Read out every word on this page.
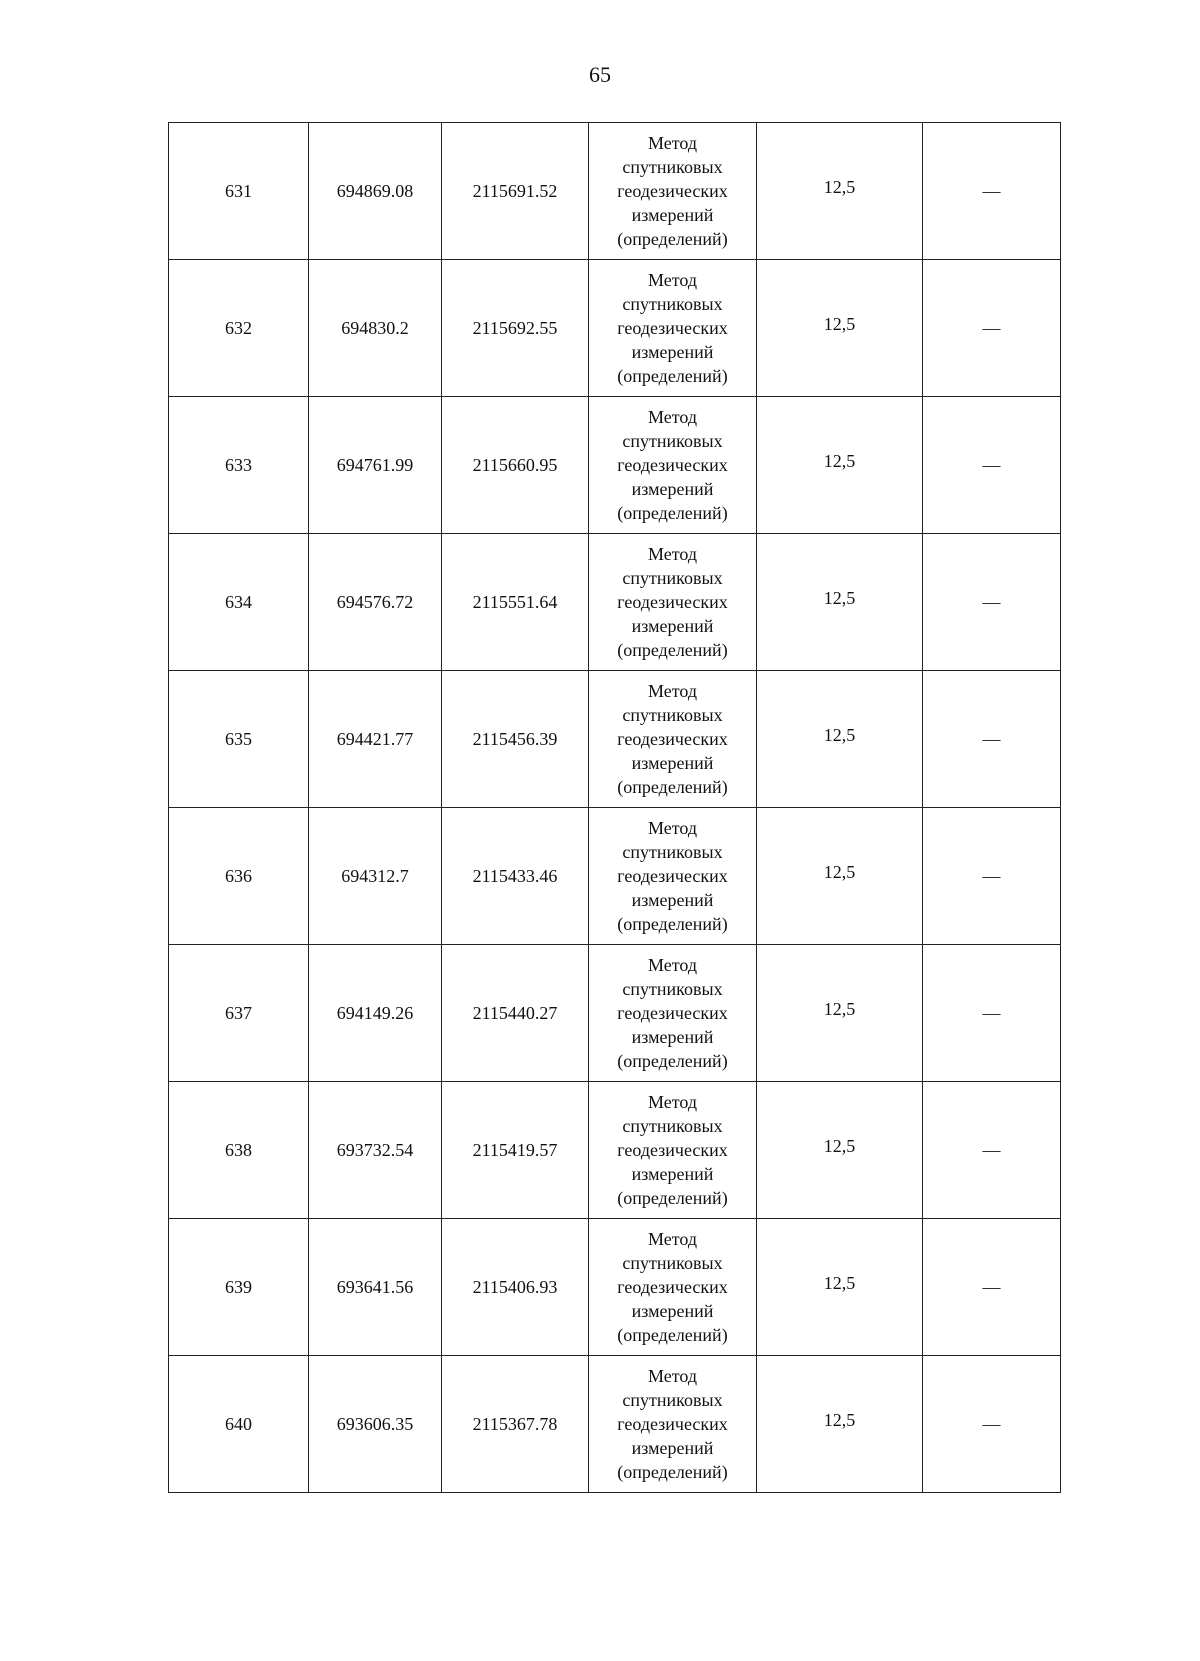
65
631	694869.08	2115691.52	Метод
спутниковых
геодезических
измерений
(определений)	12,5	—
632	694830.2	2115692.55	Метод
спутниковых
геодезических
измерений
(определений)	12,5	—
633	694761.99	2115660.95	Метод
спутниковых
геодезических
измерений
(определений)	12,5	—
634	694576.72	2115551.64	Метод
спутниковых
геодезических
измерений
(определений)	12,5	—
635	694421.77	2115456.39	Метод
спутниковых
геодезических
измерений
(определений)	12,5	—
636	694312.7	2115433.46	Метод
спутниковых
геодезических
измерений
(определений)	12,5	—
637	694149.26	2115440.27	Метод
спутниковых
геодезических
измерений
(определений)	12,5	—
638	693732.54	2115419.57	Метод
спутниковых
геодезических
измерений
(определений)	12,5	—
639	693641.56	2115406.93	Метод
спутниковых
геодезических
измерений
(определений)	12,5	—
640	693606.35	2115367.78	Метод
спутниковых
геодезических
измерений
(определений)	12,5	—
